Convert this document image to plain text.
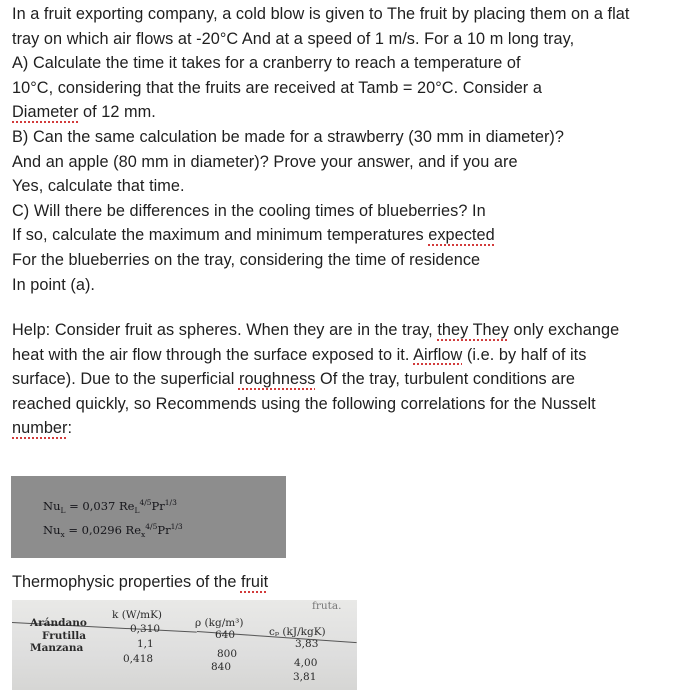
In a fruit exporting company, a cold blow is given to The fruit by placing them on a flat
tray on which air flows at -20°C And at a speed of 1 m/s. For a 10 m long tray,
A) Calculate the time it takes for a cranberry to reach a temperature of
10°C, considering that the fruits are received at Tamb = 20°C. Consider a
Diameter of 12 mm.
B) Can the same calculation be made for a strawberry (30 mm in diameter)?
And an apple (80 mm in diameter)? Prove your answer, and if you are
Yes, calculate that time.
C) Will there be differences in the cooling times of blueberries? In
If so, calculate the maximum and minimum temperatures expected
For the blueberries on the tray, considering the time of residence
In point (a).
Help: Consider fruit as spheres. When they are in the tray, they They only exchange
heat with the air flow through the surface exposed to it. Airflow (i.e. by half of its
surface). Due to the superficial roughness Of the tray, turbulent conditions are
reached quickly, so Recommends using the following correlations for the Nusselt
number:
$Nu_L = 0,037$ $Re_L^{4/5}Pr^{1/3}$
$Nu_x = 0,0296$ $Re_x^{4/5}Pr^{1/3}$
Thermophysic properties of the fruit
fruta.
k (W/mK)
ρ (kg/m³)
cₚ (kJ/kgK)
Arándano
Frutilla
Manzana
0,310
1,1
0,418
640
800
840
3,83
4,00
3,81
